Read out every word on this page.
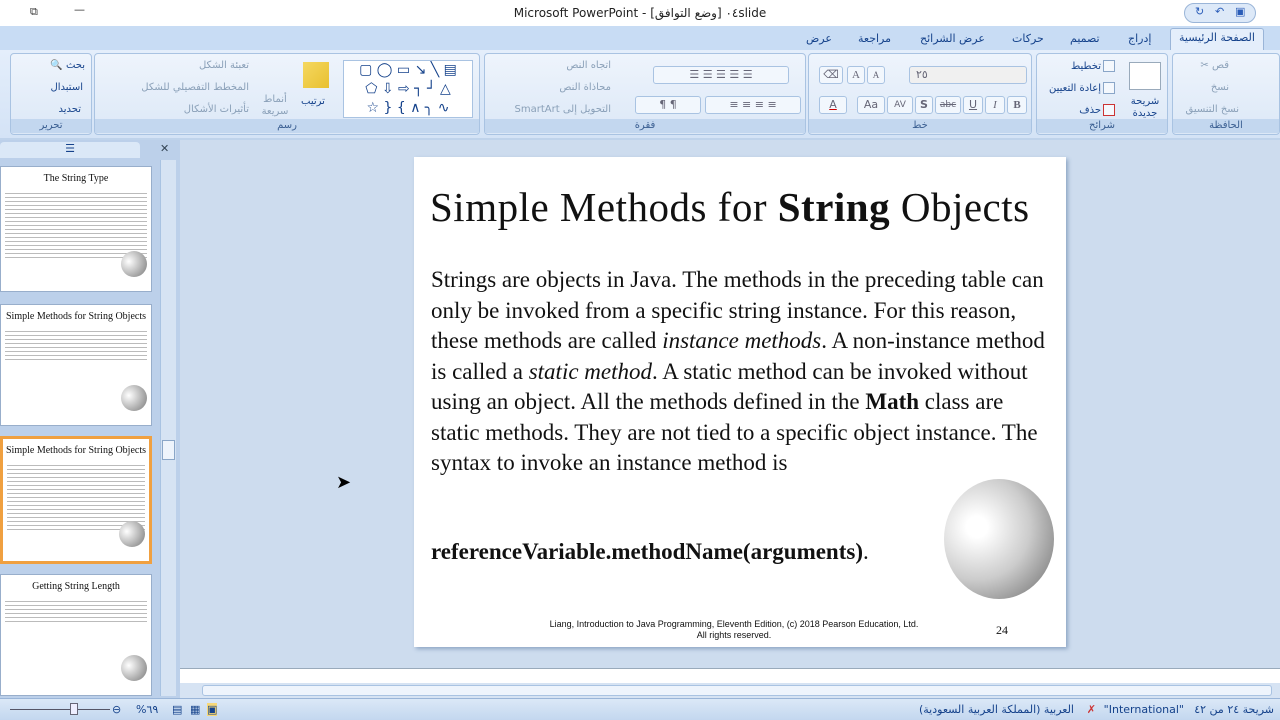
⧉	—	Microsoft PowerPoint - [وضع التوافق] ٠٤slide	↻ ↶ ▣
الصفحة الرئيسية
إدراج
تصميم
حركات
عرض الشرائح
مراجعة
عرض
قص ✂
نسخ
نسخ التنسيق
الحافظة
شريحة جديدة
تخطيط
إعادة التعيين
حذف
شرائح
٢٥
A	A
⌫
B
I
U
abc
S
AV
Aa
A
خط
☰ ☰ ☰ ☰ ☰
≡ ≡ ≡ ≡
¶ ¶
اتجاه النص
محاذاة النص
التحويل إلى SmartArt
فقرة
▢ ◯ ▭ ↘ ╲ ▤
⬠ ⇩ ⇨ ┐ ┘ △
☆ } { ∧ ╮ ∿
ترتيب
أنماط سريعة
تعبئة الشكل
المخطط التفصيلي للشكل
تأثيرات الأشكال
رسم
بحث 🔍
استبدال
تحديد
تحرير
☰	✕
The String Type
Simple Methods for String Objects
Simple Methods for String Objects
Getting String Length
Simple Methods for String Objects
Strings are objects in Java. The methods in the preceding table can only be invoked from a specific string instance. For this reason, these methods are called instance methods. A non-instance method is called a static method. A static method can be invoked without using an object. All the methods defined in the Math class are static methods. They are not tied to a specific object instance. The syntax to invoke an instance method is
referenceVariable.methodName(arguments).
Liang, Introduction to Java Programming, Eleventh Edition, (c) 2018 Pearson Education, Ltd.
All rights reserved.	24
➤
شريحة ٢٤ من ٤٢
"International"
✗
العربية (المملكة العربية السعودية)
%٦٩
⊖	▤ ▦ ▣
